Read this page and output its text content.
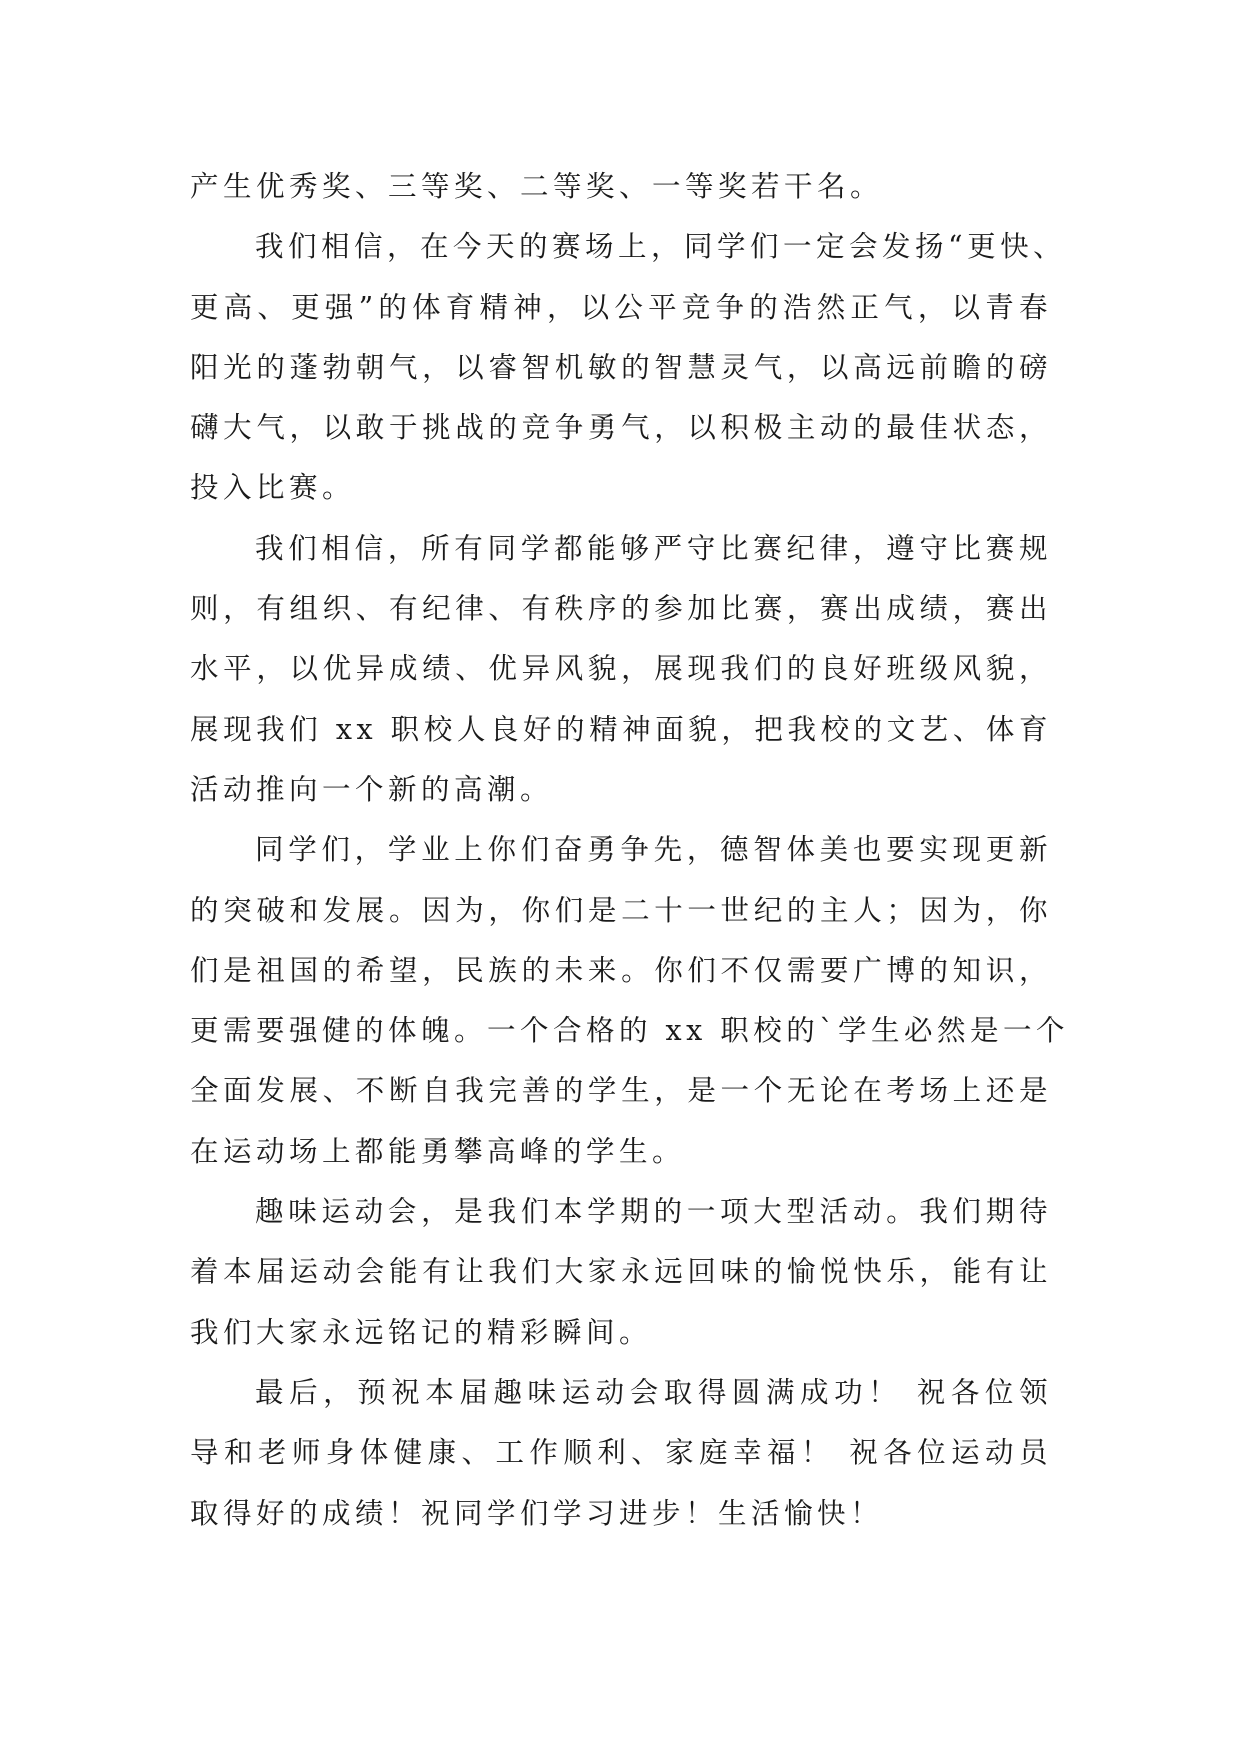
产生优秀奖、三等奖、二等奖、一等奖若干名。
我们相信，在今天的赛场上，同学们一定会发扬“更快、
更高、更强”的体育精神，以公平竞争的浩然正气，以青春
阳光的蓬勃朝气，以睿智机敏的智慧灵气，以高远前瞻的磅
礴大气，以敢于挑战的竞争勇气，以积极主动的最佳状态，
投入比赛。
我们相信，所有同学都能够严守比赛纪律，遵守比赛规
则，有组织、有纪律、有秩序的参加比赛，赛出成绩，赛出
水平，以优异成绩、优异风貌，展现我们的良好班级风貌，
展现我们 xx 职校人良好的精神面貌，把我校的文艺、体育
活动推向一个新的高潮。
同学们，学业上你们奋勇争先，德智体美也要实现更新
的突破和发展。因为，你们是二十一世纪的主人；因为，你
们是祖国的希望，民族的未来。你们不仅需要广博的知识，
更需要强健的体魄。一个合格的 xx 职校的`学生必然是一个
全面发展、不断自我完善的学生，是一个无论在考场上还是
在运动场上都能勇攀高峰的学生。
趣味运动会，是我们本学期的一项大型活动。我们期待
着本届运动会能有让我们大家永远回味的愉悦快乐，能有让
我们大家永远铭记的精彩瞬间。
最后，预祝本届趣味运动会取得圆满成功！ 祝各位领
导和老师身体健康、工作顺利、家庭幸福！ 祝各位运动员
取得好的成绩！祝同学们学习进步！生活愉快！
